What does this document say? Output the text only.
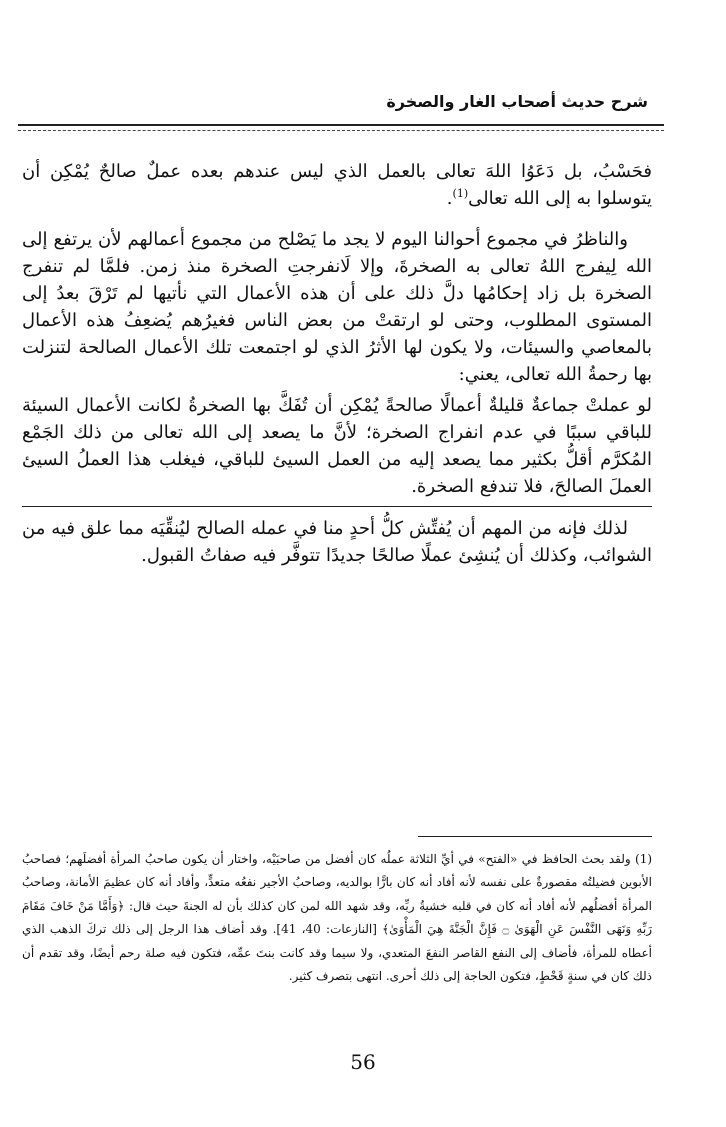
شرح حديث أصحاب الغار والصخرة

فحَسْبُ، بل دَعَوُا اللهَ تعالى بالعمل الذي ليس عندهم بعده عملٌ صالحٌ يُمْكِن أن يتوسلوا به إلى الله تعالى$^{(1)}$.

والناظرُ في مجموع أحوالنا اليوم لا يجد ما يَصْلح من مجموع أعمالهم لأن يرتفع إلى الله لِيفرج اللهُ تعالى به الصخرةَ، وإلا لَانفرجتِ الصخرة منذ زمن. فلمَّا لم تنفرج الصخرة بل زاد إحكامُها دلَّ ذلك على أن هذه الأعمال التي نأتيها لم تَرْقَ بعدُ إلى المستوى المطلوب، وحتى لو ارتقتْ من بعض الناس فغيرُهم يُضعِفُ هذه الأعمال بالمعاصي والسيئات، ولا يكون لها الأثرُ الذي لو اجتمعت تلك الأعمال الصالحة لتنزلت بها رحمةُ الله تعالى، يعني:

لو عملتْ جماعةٌ قليلةٌ أعمالًا صالحةً يُمْكِن أن تُفَكَّ بها الصخرةُ لكانت الأعمال السيئة للباقي سببًا في عدم انفراج الصخرة؛ لأنَّ ما يصعد إلى الله تعالى من ذلك الجَمْع المُكرَّم أقلُّ بكثير مما يصعد إليه من العمل السيئ للباقي، فيغلب هذا العملُ السيئ العملَ الصالحَ، فلا تندفع الصخرة.

لذلك فإنه من المهم أن يُفتِّش كلُّ أحدٍ منا في عمله الصالح ليُنقِّيَه مما علق فيه من الشوائب، وكذلك أن يُنشِئ عملًا صالحًا جديدًا تتوفَّر فيه صفاتُ القبول.

(1) ولقد بحث الحافظ في «الفتح» في أيِّ الثلاثة عملُه كان أفضل من صاحبَيْه، واختار أن يكون صاحبُ المرأة أفضلَهم؛ فصاحبُ الأبوين فضيلتُه مقصورةٌ على نفسه لأنه أفاد أنه كان بارًّا بوالديه، وصاحبُ الأجير نفعُه متعدٍّ، وأفاد أنه كان عظيمَ الأمانة، وصاحبُ المرأة أفضلُهم لأنه أفاد أنه كان في قلبه خشيةُ ربِّه، وقد شهد الله لمن كان كذلك بأن له الجنةَ حيث قال: ﴿وَأَمَّا مَنْ خَافَ مَقَامَ رَبِّهِ وَنَهَى النَّفْسَ عَنِ الْهَوَىٰ ۝ فَإِنَّ الْجَنَّةَ هِيَ الْمَأْوَىٰ﴾ [النازعات: 40، 41]. وقد أضاف هذا الرجل إلى ذلك تركَ الذهب الذي أعطاه للمرأة، فأضاف إلى النفع القاصر النفعَ المتعدي، ولا سيما وقد كانت بنتَ عمِّه، فتكون فيه صلة رحم أيضًا، وقد تقدم أن ذلك كان في سنةٍ قَحْطٍ، فتكون الحاجة إلى ذلك أحرى. انتهى بتصرف كثير.
56
